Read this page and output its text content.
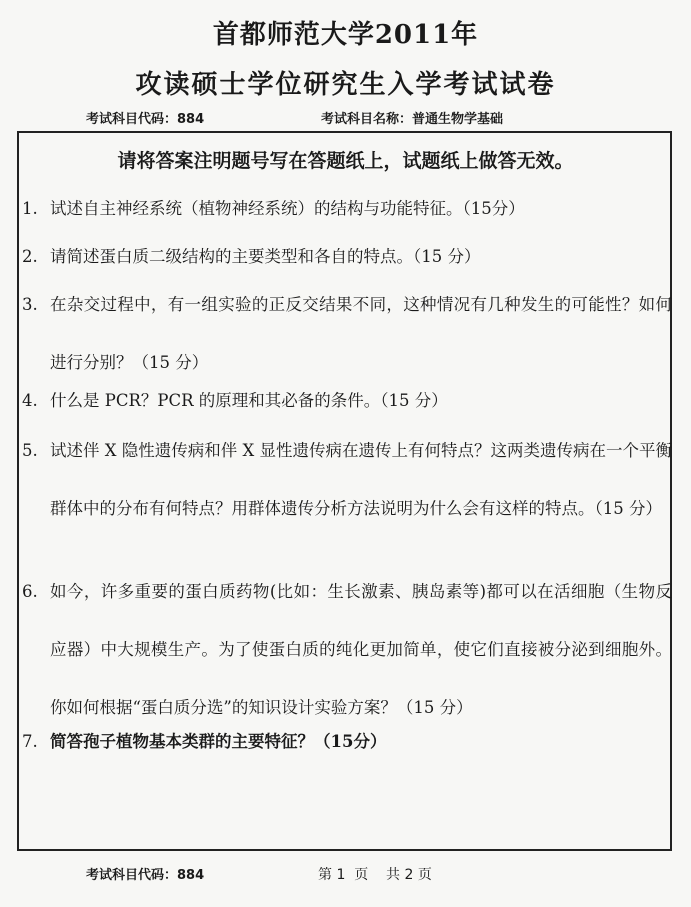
首都师范大学2011年
攻读硕士学位研究生入学考试试卷
考试科目代码：884	考试科目名称：普通生物学基础
请将答案注明题号写在答题纸上，试题纸上做答无效。
1. 试述自主神经系统（植物神经系统）的结构与功能特征。（15分）
2. 请简述蛋白质二级结构的主要类型和各自的特点。（15 分）
3. 在杂交过程中，有一组实验的正反交结果不同，这种情况有几种发生的可能性？如何进行分别？（15 分）
4. 什么是 PCR？PCR 的原理和其必备的条件。（15 分）
5. 试述伴 X 隐性遗传病和伴 X 显性遗传病在遗传上有何特点？这两类遗传病在一个平衡群体中的分布有何特点？用群体遗传分析方法说明为什么会有这样的特点。（15 分）
6. 如今，许多重要的蛋白质药物(比如：生长激素、胰岛素等)都可以在活细胞（生物反应器）中大规模生产。为了使蛋白质的纯化更加简单，使它们直接被分泌到细胞外。你如何根据“蛋白质分选”的知识设计实验方案？（15 分）
7. 简答孢子植物基本类群的主要特征？（15分）
考试科目代码：884	第 1  页    共 2 页
